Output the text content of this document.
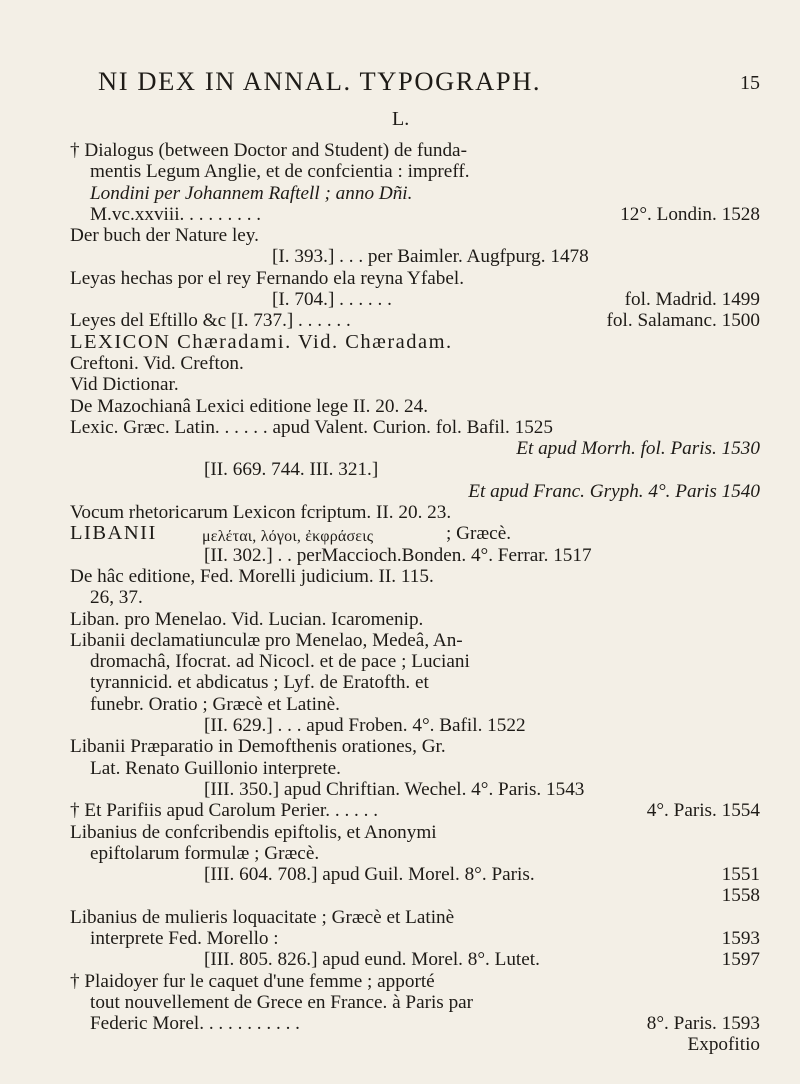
NI DEX IN ANNAL. TYPOGRAPH.	15
L.
† Dialogus (between Doctor and Student) de funda-
mentis Legum Anglie, et de confcientia : impreff.
Londini per Johannem Raftell ; anno Dñi.
M.vc.xxviii. . . . . . . . .	12°. Londin. 1528
Der buch der Nature ley.
[I. 393.] . . . per Baimler. Augfpurg. 1478
Leyas hechas por el rey Fernando ela reyna Yfabel.
[I. 704.] . . . . . .	fol. Madrid. 1499
Leyes del Eftillo &c [I. 737.] . . . . . .	fol. Salamanc. 1500
LEXICON Chæradami. Vid. Chæradam.
Creftoni. Vid. Crefton.
Vid Dictionar.
De Mazochianâ Lexici editione lege II. 20. 24.
Lexic. Græc. Latin. . . . . . apud Valent. Curion. fol. Bafil. 1525
Et apud Morrh. fol. Paris. 1530
[II. 669. 744. III. 321.]
Et apud Franc. Gryph. 4°. Paris 1540
Vocum rhetoricarum Lexicon fcriptum. II. 20. 23.
LIBANII	μελέται, λόγοι, ἐκφράσεις	; Græcè.
[II. 302.] . . perMaccioch.Bonden. 4°. Ferrar. 1517
De hâc editione, Fed. Morelli judicium. II. 115.
26, 37.
Liban. pro Menelao. Vid. Lucian. Icaromenip.
Libanii declamatiunculæ pro Menelao, Medeâ, An-
dromachâ, Ifocrat. ad Nicocl. et de pace ; Luciani
tyrannicid. et abdicatus ; Lyf. de Eratofth. et
funebr. Oratio ; Græcè et Latinè.
[II. 629.] . . . apud Froben. 4°. Bafil. 1522
Libanii Præparatio in Demofthenis orationes, Gr.
Lat. Renato Guillonio interprete.
[III. 350.] apud Chriftian. Wechel. 4°. Paris. 1543
† Et Parifiis apud Carolum Perier. . . . . .	4°. Paris. 1554
Libanius de confcribendis epiftolis, et Anonymi
epiftolarum formulæ ; Græcè.
[III. 604. 708.] apud Guil. Morel. 8°. Paris.	1551
1558
Libanius de mulieris loquacitate ; Græcè et Latinè
interprete Fed. Morello :	1593
[III. 805. 826.] apud eund. Morel. 8°. Lutet.	1597
† Plaidoyer fur le caquet d'une femme ; apporté
tout nouvellement de Grece en France. à Paris par
Federic Morel. . . . . . . . . . .	8°. Paris. 1593
Expofitio
